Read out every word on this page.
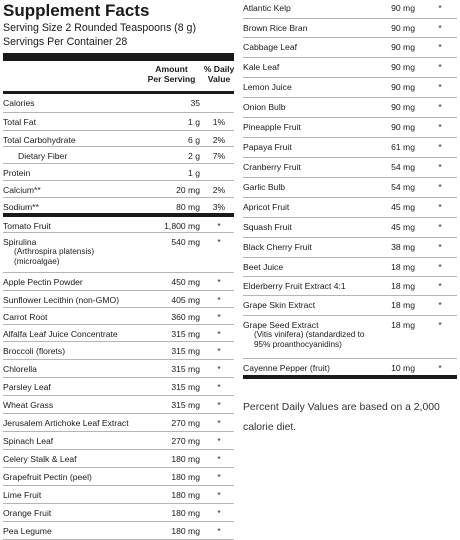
Supplement Facts
Serving Size 2 Rounded Teaspoons (8 g)
Servings Per Container 28
Amount
Per Serving
% Daily
Value
Calories	35
Total Fat	1 g	1%
Total Carbohydrate	6 g	2%
Dietary Fiber	2 g	7%
Protein	1 g
Calcium**	20 mg	2%
Sodium**	80 mg	3%
Tomato Fruit	1,800 mg	*
Spirulina
(Arthrospira platensis)
(microalgae)
540 mg	*
Apple Pectin Powder	450 mg	*
Sunflower Lecithin (non-GMO)	405 mg	*
Carrot Root	360 mg	*
Alfalfa Leaf Juice Concentrate	315 mg	*
Broccoli (florets)	315 mg	*
Chlorella	315 mg	*
Parsley Leaf	315 mg	*
Wheat Grass	315 mg	*
Jerusalem Artichoke Leaf Extract	270 mg	*
Spinach Leaf	270 mg	*
Celery Stalk & Leaf	180 mg	*
Grapefruit Pectin (peel)	180 mg	*
Lime Fruit	180 mg	*
Orange Fruit	180 mg	*
Pea Legume	180 mg	*
Atlantic Kelp	90 mg	*
Brown Rice Bran	90 mg	*
Cabbage Leaf	90 mg	*
Kale Leaf	90 mg	*
Lemon Juice	90 mg	*
Onion Bulb	90 mg	*
Pineapple Fruit	90 mg	*
Papaya Fruit	61 mg	*
Cranberry Fruit	54 mg	*
Garlic Bulb	54 mg	*
Apricot Fruit	45 mg	*
Squash Fruit	45 mg	*
Black Cherry Fruit	38 mg	*
Beet Juice	18 mg	*
Elderberry Fruit Extract 4:1	18 mg	*
Grape Skin Extract	18 mg	*
Grape Seed Extract
(Vitis vinifera) (standardized to
95% proanthocyanidins)
18 mg	*
Cayenne Pepper (fruit)	10 mg	*
Percent Daily Values are based on a 2,000 calorie diet.
